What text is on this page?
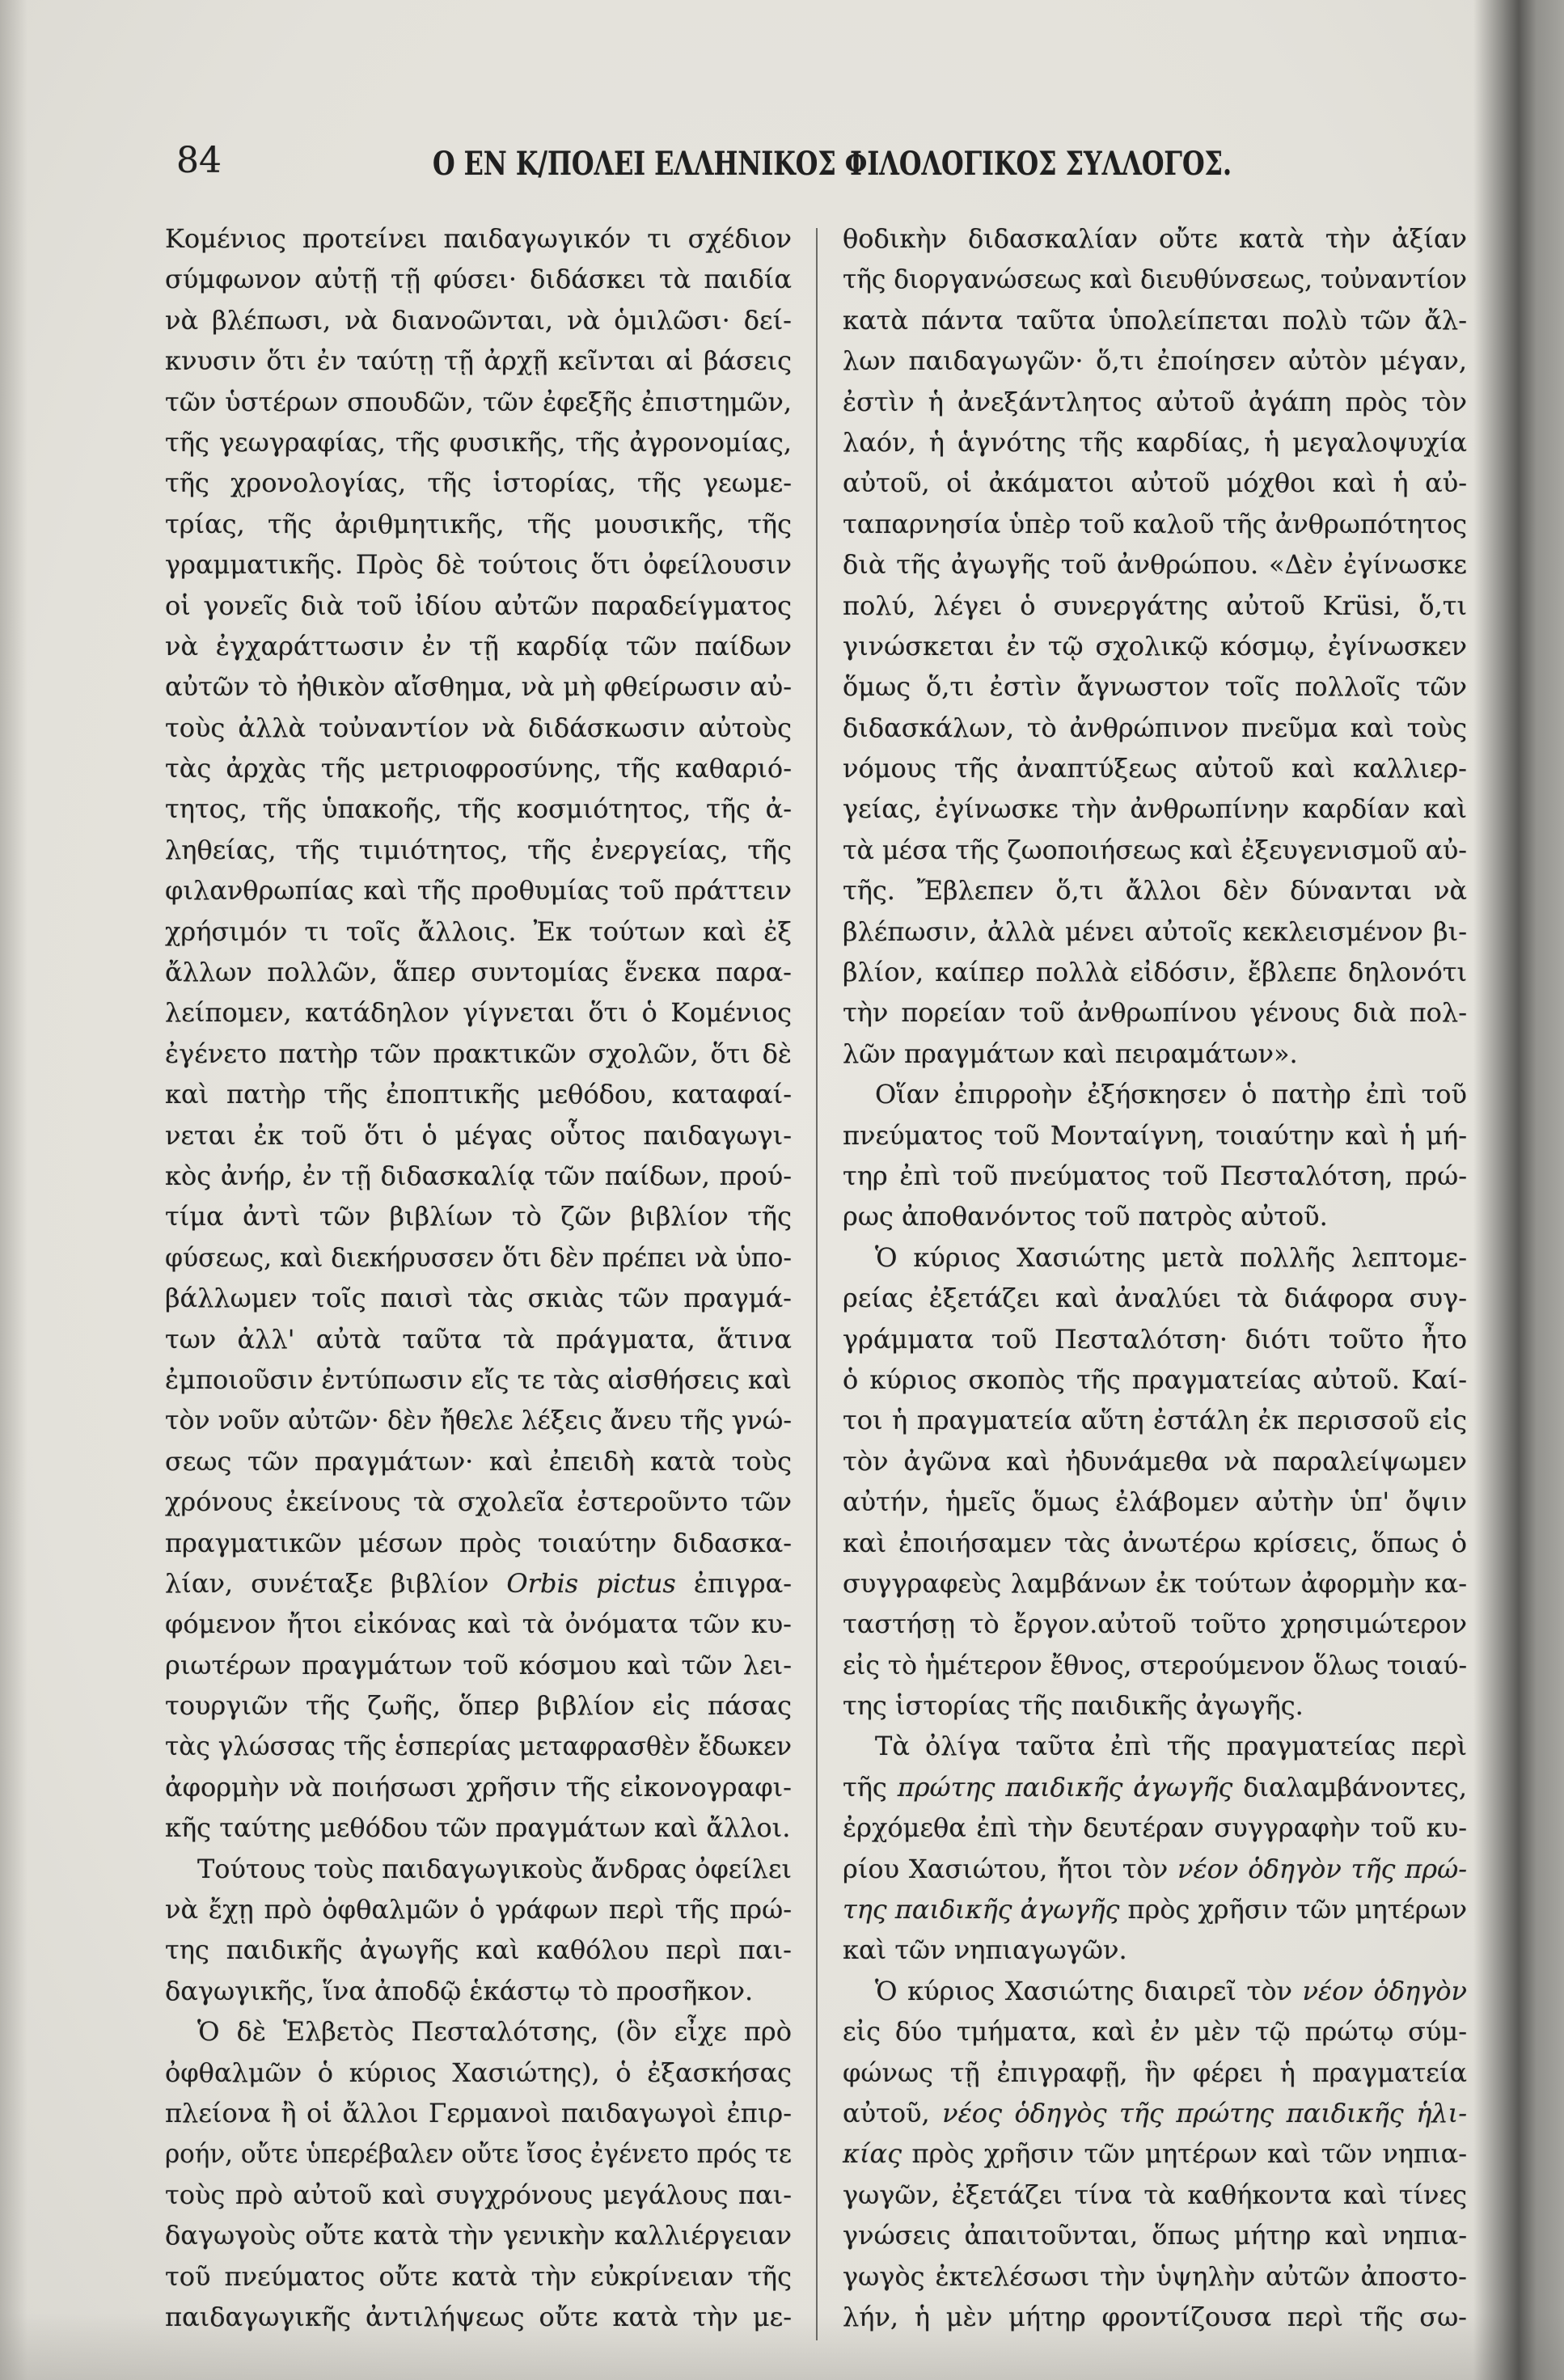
84	Ο ΕΝ Κ/ΠΟΛΕΙ ΕΛΛΗΝΙΚΟΣ ΦΙΛΟΛΟΓΙΚΟΣ ΣΥΛΛΟΓΟΣ.
Κομένιος προτείνει παιδαγωγικόν τι σχέδιον
σύμφωνον αὐτῇ τῇ φύσει· διδάσκει τὰ παιδία
νὰ βλέπωσι, νὰ διανοῶνται, νὰ ὁμιλῶσι· δεί-
κνυσιν ὅτι ἐν ταύτῃ τῇ ἀρχῇ κεῖνται αἱ βάσεις
τῶν ὑστέρων σπουδῶν, τῶν ἐφεξῆς ἐπιστημῶν,
τῆς γεωγραφίας, τῆς φυσικῆς, τῆς ἀγρονομίας,
τῆς χρονολογίας, τῆς ἱστορίας, τῆς γεωμε-
τρίας, τῆς ἀριθμητικῆς, τῆς μουσικῆς, τῆς
γραμματικῆς. Πρὸς δὲ τούτοις ὅτι ὀφείλουσιν
οἱ γονεῖς διὰ τοῦ ἰδίου αὐτῶν παραδείγματος
νὰ ἐγχαράττωσιν ἐν τῇ καρδίᾳ τῶν παίδων
αὐτῶν τὸ ἠθικὸν αἴσθημα, νὰ μὴ φθείρωσιν αὐ-
τοὺς ἀλλὰ τοὐναντίον νὰ διδάσκωσιν αὐτοὺς
τὰς ἀρχὰς τῆς μετριοφροσύνης, τῆς καθαριό-
τητος, τῆς ὑπακοῆς, τῆς κοσμιότητος, τῆς ἀ-
ληθείας, τῆς τιμιότητος, τῆς ἐνεργείας, τῆς
φιλανθρωπίας καὶ τῆς προθυμίας τοῦ πράττειν
χρήσιμόν τι τοῖς ἄλλοις. Ἐκ τούτων καὶ ἐξ
ἄλλων πολλῶν, ἅπερ συντομίας ἕνεκα παρα-
λείπομεν, κατάδηλον γίγνεται ὅτι ὁ Κομένιος
ἐγένετο πατὴρ τῶν πρακτικῶν σχολῶν, ὅτι δὲ
καὶ πατὴρ τῆς ἐποπτικῆς μεθόδου, καταφαί-
νεται ἐκ τοῦ ὅτι ὁ μέγας οὗτος παιδαγωγι-
κὸς ἀνήρ, ἐν τῇ διδασκαλίᾳ τῶν παίδων, πρού-
τίμα ἀντὶ τῶν βιβλίων τὸ ζῶν βιβλίον τῆς
φύσεως, καὶ διεκήρυσσεν ὅτι δὲν πρέπει νὰ ὑπο-
βάλλωμεν τοῖς παισὶ τὰς σκιὰς τῶν πραγμά-
των ἀλλ' αὐτὰ ταῦτα τὰ πράγματα, ἅτινα
ἐμποιοῦσιν ἐντύπωσιν εἴς τε τὰς αἰσθήσεις καὶ
τὸν νοῦν αὐτῶν· δὲν ἤθελε λέξεις ἄνευ τῆς γνώ-
σεως τῶν πραγμάτων· καὶ ἐπειδὴ κατὰ τοὺς
χρόνους ἐκείνους τὰ σχολεῖα ἐστεροῦντο τῶν
πραγματικῶν μέσων πρὸς τοιαύτην διδασκα-
λίαν, συνέταξε βιβλίον Orbis pictus ἐπιγρα-
φόμενον ἤτοι εἰκόνας καὶ τὰ ὀνόματα τῶν κυ-
ριωτέρων πραγμάτων τοῦ κόσμου καὶ τῶν λει-
τουργιῶν τῆς ζωῆς, ὅπερ βιβλίον εἰς πάσας
τὰς γλώσσας τῆς ἑσπερίας μεταφρασθὲν ἔδωκεν
ἀφορμὴν νὰ ποιήσωσι χρῆσιν τῆς εἰκονογραφι-
κῆς ταύτης μεθόδου τῶν πραγμάτων καὶ ἄλλοι.
Τούτους τοὺς παιδαγωγικοὺς ἄνδρας ὀφείλει
νὰ ἔχῃ πρὸ ὀφθαλμῶν ὁ γράφων περὶ τῆς πρώ-
της παιδικῆς ἀγωγῆς καὶ καθόλου περὶ παι-
δαγωγικῆς, ἵνα ἀποδῷ ἑκάστῳ τὸ προσῆκον.
Ὁ δὲ Ἑλβετὸς Πεσταλότσης, (ὃν εἶχε πρὸ
ὀφθαλμῶν ὁ κύριος Χασιώτης), ὁ ἐξασκήσας
πλείονα ἢ οἱ ἄλλοι Γερμανοὶ παιδαγωγοὶ ἐπιρ-
ροήν, οὔτε ὑπερέβαλεν οὔτε ἴσος ἐγένετο πρός τε
τοὺς πρὸ αὐτοῦ καὶ συγχρόνους μεγάλους παι-
δαγωγοὺς οὔτε κατὰ τὴν γενικὴν καλλιέργειαν
τοῦ πνεύματος οὔτε κατὰ τὴν εὐκρίνειαν τῆς
παιδαγωγικῆς ἀντιλήψεως οὔτε κατὰ τὴν με-
θοδικὴν διδασκαλίαν οὔτε κατὰ τὴν ἀξίαν
τῆς διοργανώσεως καὶ διευθύνσεως, τοὐναντίον
κατὰ πάντα ταῦτα ὑπολείπεται πολὺ τῶν ἄλ-
λων παιδαγωγῶν· ὅ,τι ἐποίησεν αὐτὸν μέγαν,
ἐστὶν ἡ ἀνεξάντλητος αὐτοῦ ἀγάπη πρὸς τὸν
λαόν, ἡ ἁγνότης τῆς καρδίας, ἡ μεγαλοψυχία
αὐτοῦ, οἱ ἀκάματοι αὐτοῦ μόχθοι καὶ ἡ αὐ-
ταπαρνησία ὑπὲρ τοῦ καλοῦ τῆς ἀνθρωπότητος
διὰ τῆς ἀγωγῆς τοῦ ἀνθρώπου. «Δὲν ἐγίνωσκε
πολύ, λέγει ὁ συνεργάτης αὐτοῦ Krüsi, ὅ,τι
γινώσκεται ἐν τῷ σχολικῷ κόσμῳ, ἐγίνωσκεν
ὅμως ὅ,τι ἐστὶν ἄγνωστον τοῖς πολλοῖς τῶν
διδασκάλων, τὸ ἀνθρώπινον πνεῦμα καὶ τοὺς
νόμους τῆς ἀναπτύξεως αὐτοῦ καὶ καλλιερ-
γείας, ἐγίνωσκε τὴν ἀνθρωπίνην καρδίαν καὶ
τὰ μέσα τῆς ζωοποιήσεως καὶ ἐξευγενισμοῦ αὐ-
τῆς. Ἔβλεπεν ὅ,τι ἄλλοι δὲν δύνανται νὰ
βλέπωσιν, ἀλλὰ μένει αὐτοῖς κεκλεισμένον βι-
βλίον, καίπερ πολλὰ εἰδόσιν, ἔβλεπε δηλονότι
τὴν πορείαν τοῦ ἀνθρωπίνου γένους διὰ πολ-
λῶν πραγμάτων καὶ πειραμάτων».
Οἵαν ἐπιρροὴν ἐξήσκησεν ὁ πατὴρ ἐπὶ τοῦ
πνεύματος τοῦ Μονταίγνη, τοιαύτην καὶ ἡ μή-
τηρ ἐπὶ τοῦ πνεύματος τοῦ Πεσταλότση, πρώ-
ρως ἀποθανόντος τοῦ πατρὸς αὐτοῦ.
Ὁ κύριος Χασιώτης μετὰ πολλῆς λεπτομε-
ρείας ἐξετάζει καὶ ἀναλύει τὰ διάφορα συγ-
γράμματα τοῦ Πεσταλότση· διότι τοῦτο ἦτο
ὁ κύριος σκοπὸς τῆς πραγματείας αὐτοῦ. Καί-
τοι ἡ πραγματεία αὕτη ἐστάλη ἐκ περισσοῦ εἰς
τὸν ἀγῶνα καὶ ἠδυνάμεθα νὰ παραλείψωμεν
αὐτήν, ἡμεῖς ὅμως ἐλάβομεν αὐτὴν ὑπ' ὄψιν
καὶ ἐποιήσαμεν τὰς ἀνωτέρω κρίσεις, ὅπως ὁ
συγγραφεὺς λαμβάνων ἐκ τούτων ἀφορμὴν κα-
ταστήσῃ τὸ ἔργον.αὐτοῦ τοῦτο χρησιμώτερον
εἰς τὸ ἡμέτερον ἔθνος, στερούμενον ὅλως τοιαύ-
της ἱστορίας τῆς παιδικῆς ἀγωγῆς.
Τὰ ὀλίγα ταῦτα ἐπὶ τῆς πραγματείας περὶ
τῆς πρώτης παιδικῆς ἀγωγῆς διαλαμβάνοντες,
ἐρχόμεθα ἐπὶ τὴν δευτέραν συγγραφὴν τοῦ κυ-
ρίου Χασιώτου, ἤτοι τὸν νέον ὁδηγὸν τῆς πρώ-
της παιδικῆς ἀγωγῆς πρὸς χρῆσιν τῶν μητέρων
καὶ τῶν νηπιαγωγῶν.
Ὁ κύριος Χασιώτης διαιρεῖ τὸν νέον ὁδηγὸν
εἰς δύο τμήματα, καὶ ἐν μὲν τῷ πρώτῳ σύμ-
φώνως τῇ ἐπιγραφῇ, ἣν φέρει ἡ πραγματεία
αὐτοῦ, νέος ὁδηγὸς τῆς πρώτης παιδικῆς ἡλι-
κίας πρὸς χρῆσιν τῶν μητέρων καὶ τῶν νηπια-
γωγῶν, ἐξετάζει τίνα τὰ καθήκοντα καὶ τίνες
γνώσεις ἀπαιτοῦνται, ὅπως μήτηρ καὶ νηπια-
γωγὸς ἐκτελέσωσι τὴν ὑψηλὴν αὐτῶν ἀποστο-
λήν, ἡ μὲν μήτηρ φροντίζουσα περὶ τῆς σω-
